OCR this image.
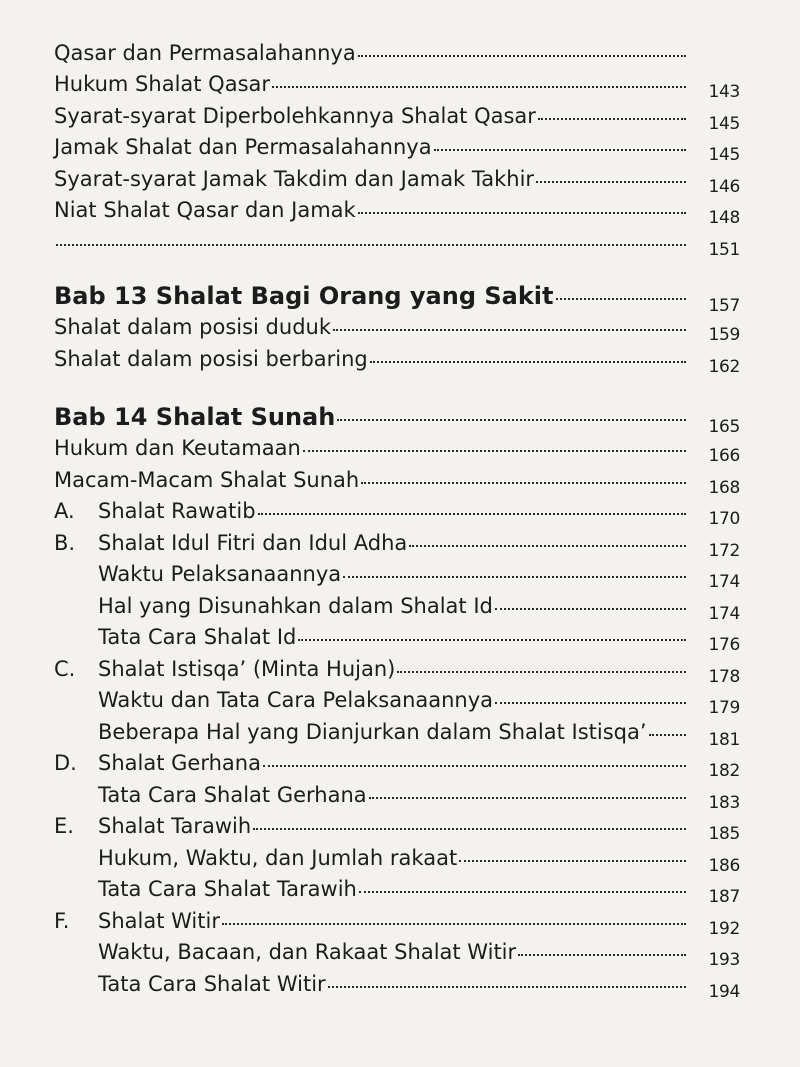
Qasar dan Permasalahannya
Hukum Shalat Qasar	143
Syarat-syarat Diperbolehkannya Shalat Qasar	145
Jamak Shalat dan Permasalahannya	145
Syarat-syarat Jamak Takdim dan Jamak Takhir	146
Niat Shalat Qasar dan Jamak	148
151
Bab 13 Shalat Bagi Orang yang Sakit	157
Shalat dalam posisi duduk	159
Shalat dalam posisi berbaring	162
Bab 14 Shalat Sunah	165
Hukum dan Keutamaan	166
Macam-Macam Shalat Sunah	168
A.	Shalat Rawatib	170
B.	Shalat Idul Fitri dan Idul Adha	172
Waktu Pelaksanaannya	174
Hal yang Disunahkan dalam Shalat Id	174
Tata Cara Shalat Id	176
C.	Shalat Istisqa’ (Minta Hujan)	178
Waktu dan Tata Cara Pelaksanaannya	179
Beberapa Hal yang Dianjurkan dalam Shalat Istisqa’	181
D.	Shalat Gerhana	182
Tata Cara Shalat Gerhana	183
E.	Shalat Tarawih	185
Hukum, Waktu, dan Jumlah rakaat	186
Tata Cara Shalat Tarawih	187
F.	Shalat Witir	192
Waktu, Bacaan, dan Rakaat Shalat Witir	193
Tata Cara Shalat Witir	194
